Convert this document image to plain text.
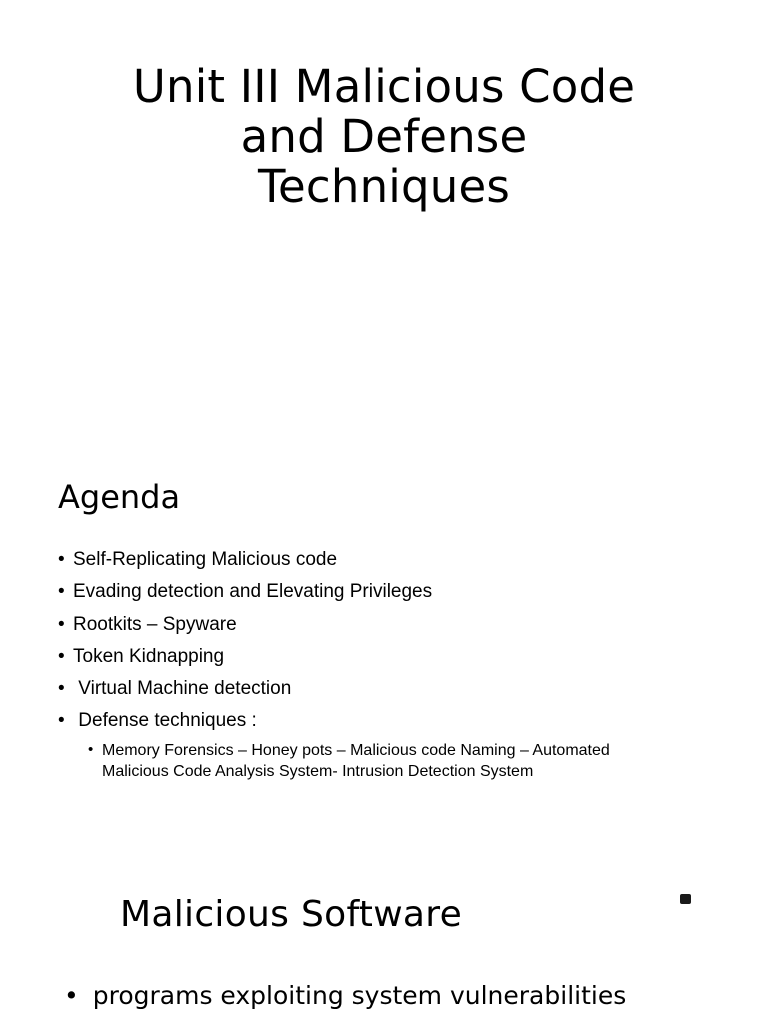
Unit III Malicious Code
and Defense
Techniques
Agenda
• Self-Replicating Malicious code
• Evading detection and Elevating Privileges
• Rootkits – Spyware
• Token Kidnapping
• Virtual Machine detection
• Defense techniques :
• Memory Forensics – Honey pots – Malicious code Naming – Automated Malicious Code Analysis System- Intrusion Detection System
Malicious Software
• programs exploiting system vulnerabilities
